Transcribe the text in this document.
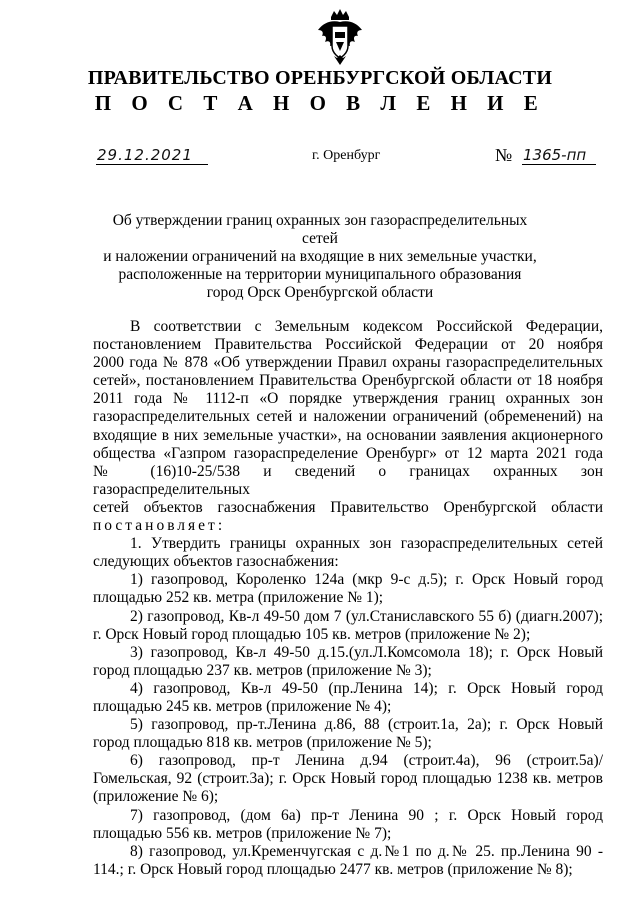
ПРАВИТЕЛЬСТВО ОРЕНБУРГСКОЙ ОБЛАСТИ
П О С Т А Н О В Л Е Н И Е
29.12.2021	г. Оренбург	№ 1365-пп
Об утверждении границ охранных зон газораспределительных сетей
и наложении ограничений на входящие в них земельные участки,
расположенные на территории муниципального образования
город Орск Оренбургской области

В соответствии с Земельным кодексом Российской Федерации,

постановлением Правительства Российской Федерации от 20 ноября

2000 года № 878 «Об утверждении Правил охраны газораспределительных

сетей», постановлением Правительства Оренбургской области от 18 ноября

2011 года № 1112-п «О порядке утверждения границ охранных зон

газораспределительных сетей и наложении ограничений (обременений) на

входящие в них земельные участки», на основании заявления акционерного

общества «Газпром газораспределение Оренбург» от 12 марта 2021 года

№ (16)10-25/538 и сведений о границах охранных зон газораспределительных

сетей объектов газоснабжения Правительство Оренбургской области

постановляет:

1. Утвердить границы охранных зон газораспределительных сетей

следующих объектов газоснабжения:

1) газопровод, Короленко 124а (мкр 9-с д.5); г. Орск Новый город

площадью 252 кв. метра (приложение № 1);

2) газопровод, Кв-л 49-50 дом 7 (ул.Станиславского 55 б) (диагн.2007);

г. Орск Новый город площадью 105 кв. метров (приложение № 2);

3) газопровод, Кв-л 49-50 д.15.(ул.Л.Комсомола 18); г. Орск Новый

город площадью 237 кв. метров (приложение № 3);

4) газопровод, Кв-л 49-50 (пр.Ленина 14); г. Орск Новый город

площадью 245 кв. метров (приложение № 4);

5) газопровод, пр-т.Ленина д.86, 88 (строит.1а, 2а); г. Орск Новый

город площадью 818 кв. метров (приложение № 5);

6) газопровод, пр-т Ленина д.94 (строит.4а), 96 (строит.5а)/

Гомельская, 92 (строит.3а); г. Орск Новый город площадью 1238 кв. метров

(приложение № 6);

7) газопровод, (дом 6а) пр-т Ленина 90 ; г. Орск Новый город

площадью 556 кв. метров (приложение № 7);

8) газопровод, ул.Кременчугская с д.№1 по д.№ 25. пр.Ленина 90 -

114.; г. Орск Новый город площадью 2477 кв. метров (приложение № 8);
